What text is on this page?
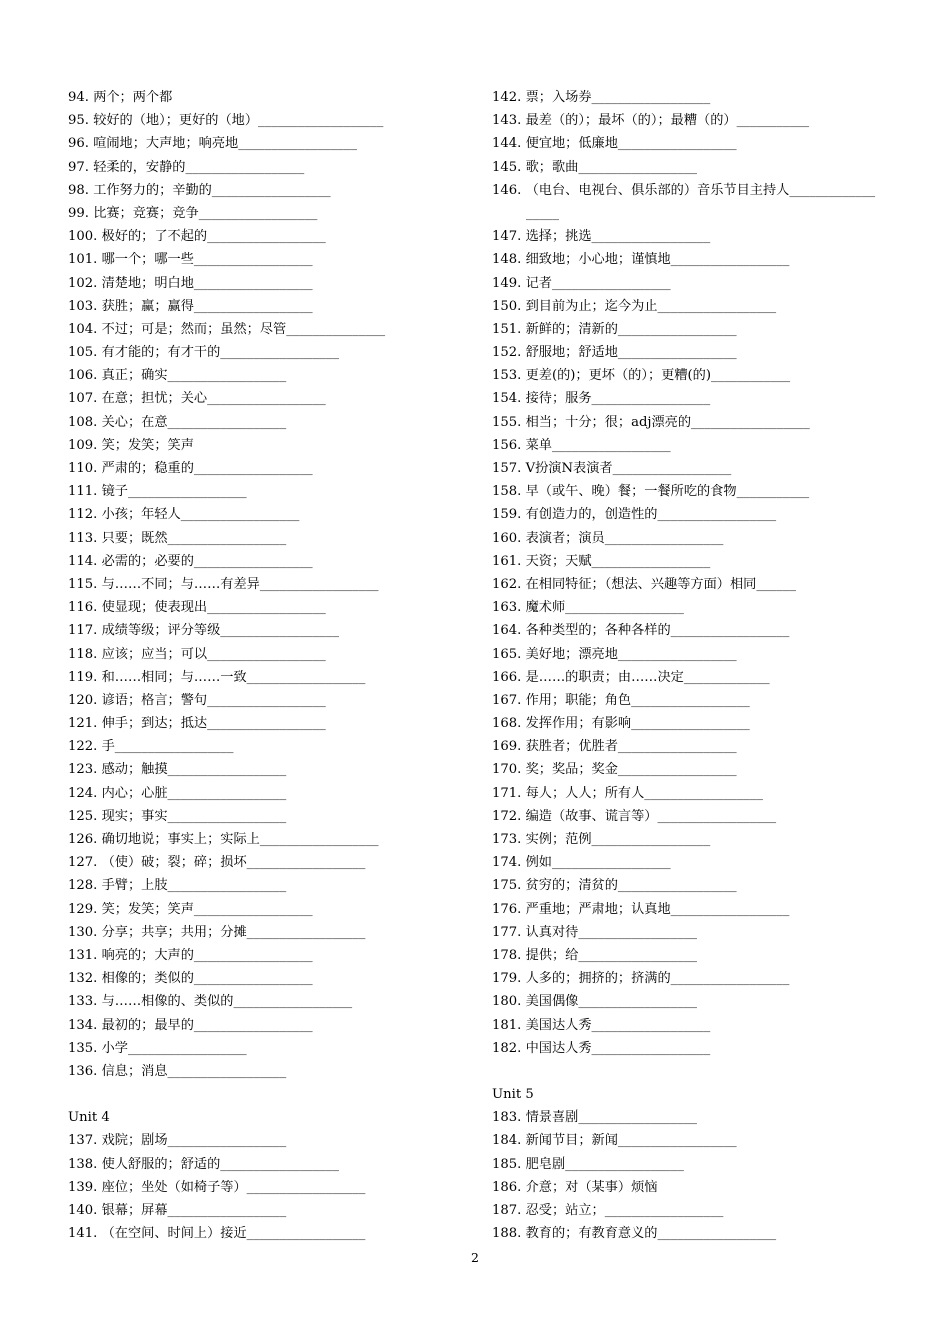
94. 两个；两个都
95. 较好的（地）；更好的（地）___________________
96. 喧闹地；大声地；响亮地__________________
97. 轻柔的，安静的__________________
98. 工作努力的；辛勤的__________________
99. 比赛；竞赛；竞争__________________
100. 极好的；了不起的__________________
101. 哪一个；哪一些__________________
102. 清楚地；明白地__________________
103. 获胜；赢；赢得__________________
104. 不过；可是；然而；虽然；尽管_______________
105. 有才能的；有才干的__________________
106. 真正；确实__________________
107. 在意；担忧；关心__________________
108. 关心；在意__________________
109. 笑；发笑；笑声
110. 严肃的；稳重的__________________
111. 镜子__________________
112. 小孩；年轻人__________________
113. 只要；既然__________________
114. 必需的；必要的__________________
115. 与……不同；与……有差异__________________
116. 使显现；使表现出__________________
117. 成绩等级；评分等级__________________
118. 应该；应当；可以__________________
119. 和……相同；与……一致__________________
120. 谚语；格言；警句__________________
121. 伸手；到达；抵达__________________
122. 手__________________
123. 感动；触摸__________________
124. 内心；心脏__________________
125. 现实；事实__________________
126. 确切地说；事实上；实际上__________________
127. （使）破；裂；碎；损坏__________________
128. 手臂；上肢__________________
129. 笑；发笑；笑声__________________
130. 分享；共享；共用；分摊__________________
131. 响亮的；大声的__________________
132. 相像的；类似的__________________
133. 与……相像的、类似的__________________
134. 最初的；最早的__________________
135. 小学__________________
136. 信息；消息__________________
Unit 4
137. 戏院；剧场__________________
138. 使人舒服的；舒适的__________________
139. 座位；坐处（如椅子等）__________________
140. 银幕；屏幕__________________
141. （在空间、时间上）接近__________________
142. 票；入场券__________________
143. 最差（的）；最坏（的）；最糟（的）___________
144. 便宜地；低廉地__________________
145. 歌；歌曲__________________
146. （电台、电视台、俱乐部的）音乐节目主持人_____________
_____
147. 选择；挑选__________________
148. 细致地；小心地；谨慎地__________________
149. 记者__________________
150. 到目前为止；迄今为止__________________
151. 新鲜的；清新的__________________
152. 舒服地；舒适地__________________
153. 更差(的)；更坏（的）；更糟(的)____________
154. 接待；服务__________________
155. 相当；十分；很；adj漂亮的__________________
156. 菜单__________________
157. V扮演N表演者__________________
158. 早（或午、晚）餐；一餐所吃的食物___________
159. 有创造力的，创造性的__________________
160. 表演者；演员__________________
161. 天资；天赋__________________
162. 在相同特征；（想法、兴趣等方面）相同______
163. 魔术师__________________
164. 各种类型的；各种各样的__________________
165. 美好地；漂亮地__________________
166. 是……的职责；由……决定_____________
167. 作用；职能；角色__________________
168. 发挥作用；有影响__________________
169. 获胜者；优胜者__________________
170. 奖；奖品；奖金__________________
171. 每人；人人；所有人__________________
172. 编造（故事、谎言等）__________________
173. 实例；范例__________________
174. 例如__________________
175. 贫穷的；清贫的__________________
176. 严重地；严肃地；认真地__________________
177. 认真对待__________________
178. 提供；给__________________
179. 人多的；拥挤的；挤满的__________________
180. 美国偶像__________________
181. 美国达人秀__________________
182. 中国达人秀__________________
Unit 5
183. 情景喜剧__________________
184. 新闻节目；新闻__________________
185. 肥皂剧__________________
186. 介意；对（某事）烦恼
187. 忍受；站立；__________________
188. 教育的；有教育意义的__________________
2
